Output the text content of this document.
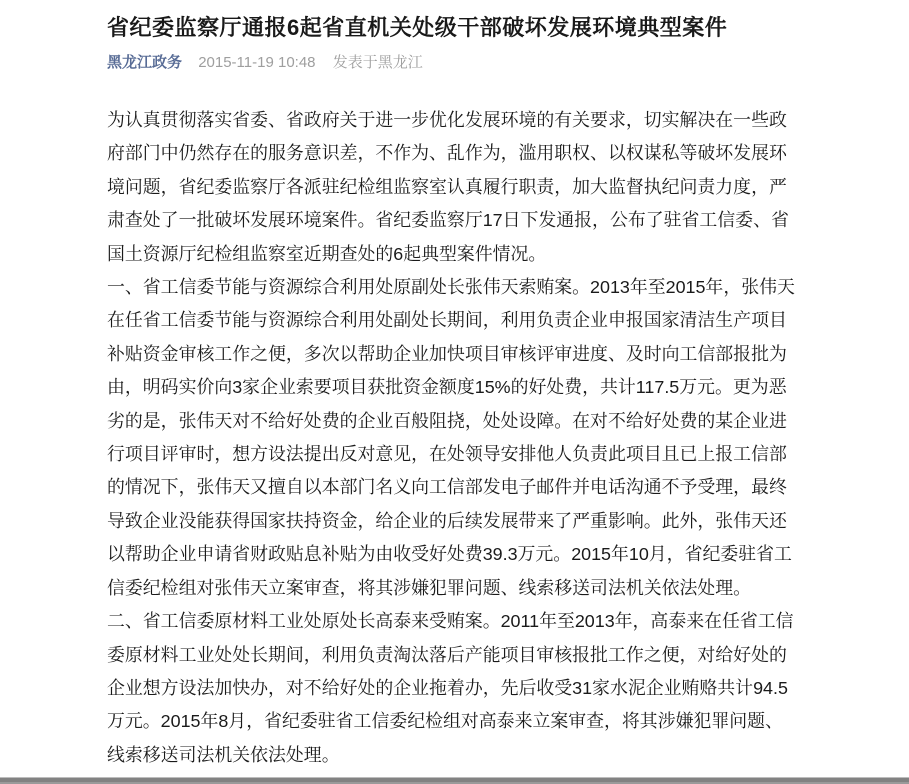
省纪委监察厅通报6起省直机关处级干部破坏发展环境典型案件
黑龙江政务 2015-11-19 10:48 发表于黑龙江

为认真贯彻落实省委、省政府关于进一步优化发展环境的有关要求，切实解决在一些政府部门中仍然存在的服务意识差，不作为、乱作为，滥用职权、以权谋私等破坏发展环境问题，省纪委监察厅各派驻纪检组监察室认真履行职责，加大监督执纪问责力度，严肃查处了一批破坏发展环境案件。省纪委监察厅17日下发通报，公布了驻省工信委、省国土资源厅纪检组监察室近期查处的6起典型案件情况。

一、省工信委节能与资源综合利用处原副处长张伟天索贿案。2013年至2015年，张伟天在任省工信委节能与资源综合利用处副处长期间，利用负责企业申报国家清洁生产项目补贴资金审核工作之便，多次以帮助企业加快项目审核评审进度、及时向工信部报批为由，明码实价向3家企业索要项目获批资金额度15%的好处费，共计117.5万元。更为恶劣的是，张伟天对不给好处费的企业百般阻挠，处处设障。在对不给好处费的某企业进行项目评审时，想方设法提出反对意见，在处领导安排他人负责此项目且已上报工信部的情况下，张伟天又擅自以本部门名义向工信部发电子邮件并电话沟通不予受理，最终导致企业没能获得国家扶持资金，给企业的后续发展带来了严重影响。此外，张伟天还以帮助企业申请省财政贴息补贴为由收受好处费39.3万元。2015年10月，省纪委驻省工信委纪检组对张伟天立案审查，将其涉嫌犯罪问题、线索移送司法机关依法处理。

二、省工信委原材料工业处原处长高泰来受贿案。2011年至2013年，高泰来在任省工信委原材料工业处处长期间，利用负责淘汰落后产能项目审核报批工作之便，对给好处的企业想方设法加快办，对不给好处的企业拖着办，先后收受31家水泥企业贿赂共计94.5万元。2015年8月，省纪委驻省工信委纪检组对高泰来立案审查，将其涉嫌犯罪问题、线索移送司法机关依法处理。
